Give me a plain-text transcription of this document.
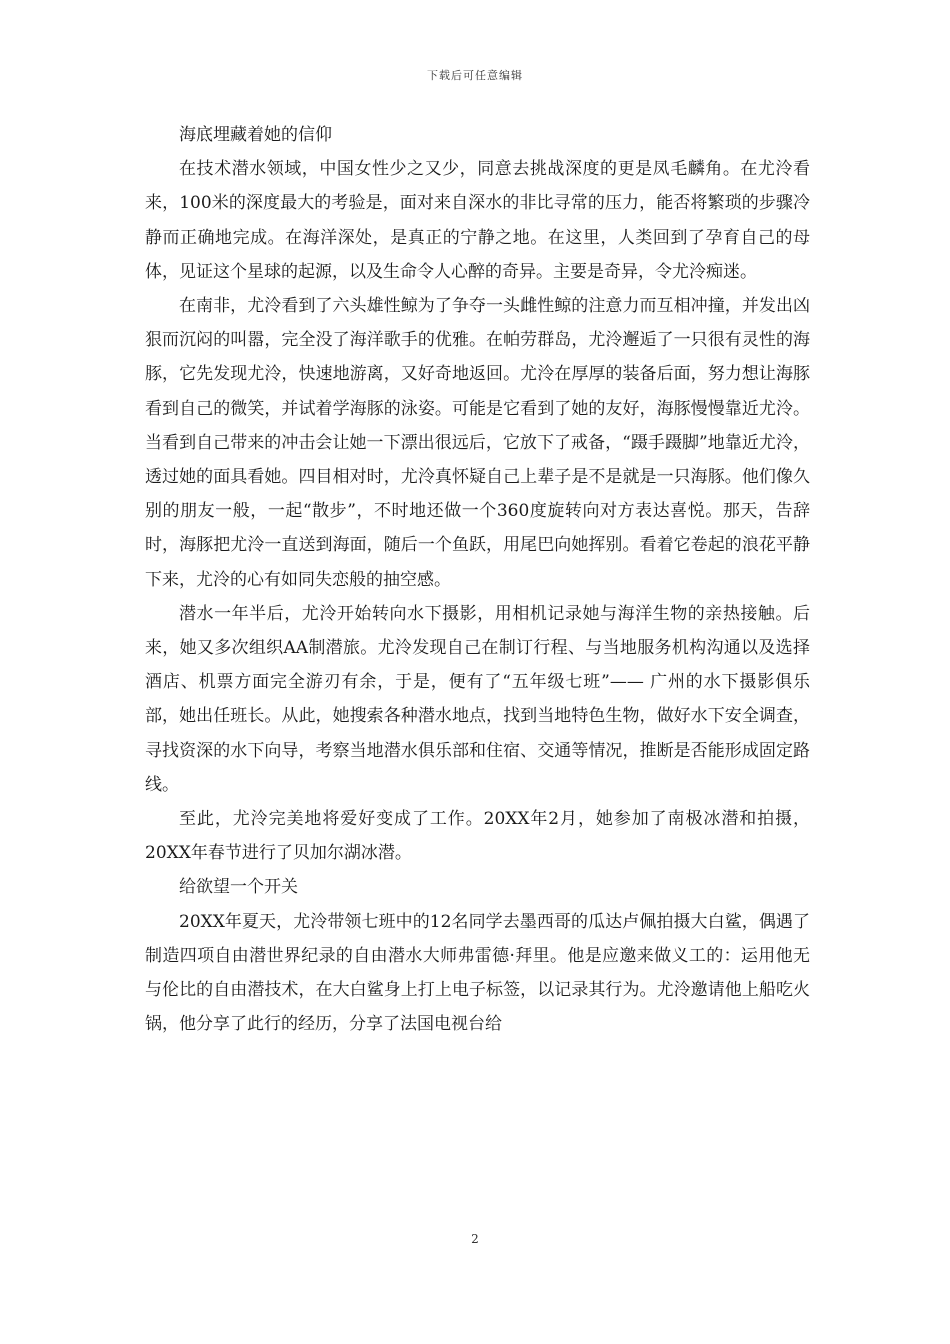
下载后可任意编辑

海底埋藏着她的信仰

在技术潜水领域，中国女性少之又少，同意去挑战深度的更是凤毛麟角。在尤泠看来，100米的深度最大的考验是，面对来自深水的非比寻常的压力，能否将繁琐的步骤冷静而正确地完成。在海洋深处，是真正的宁静之地。在这里，人类回到了孕育自己的母体，见证这个星球的起源，以及生命令人心醉的奇异。主要是奇异，令尤泠痴迷。

在南非，尤泠看到了六头雄性鲸为了争夺一头雌性鲸的注意力而互相冲撞，并发出凶狠而沉闷的叫嚣，完全没了海洋歌手的优雅。在帕劳群岛，尤泠邂逅了一只很有灵性的海豚，它先发现尤泠，快速地游离，又好奇地返回。尤泠在厚厚的装备后面，努力想让海豚看到自己的微笑，并试着学海豚的泳姿。可能是它看到了她的友好，海豚慢慢靠近尤泠。当看到自己带来的冲击会让她一下漂出很远后，它放下了戒备，“蹑手蹑脚”地靠近尤泠，透过她的面具看她。四目相对时，尤泠真怀疑自己上辈子是不是就是一只海豚。他们像久别的朋友一般，一起“散步”，不时地还做一个360度旋转向对方表达喜悦。那天，告辞时，海豚把尤泠一直送到海面，随后一个鱼跃，用尾巴向她挥别。看着它卷起的浪花平静下来，尤泠的心有如同失恋般的抽空感。

潜水一年半后，尤泠开始转向水下摄影，用相机记录她与海洋生物的亲热接触。后来，她又多次组织AA制潜旅。尤泠发现自己在制订行程、与当地服务机构沟通以及选择酒店、机票方面完全游刃有余，于是，便有了“五年级七班”—— 广州的水下摄影俱乐部，她出任班长。从此，她搜索各种潜水地点，找到当地特色生物，做好水下安全调查，寻找资深的水下向导，考察当地潜水俱乐部和住宿、交通等情况，推断是否能形成固定路线。

至此，尤泠完美地将爱好变成了工作。20XX年2月，她参加了南极冰潜和拍摄， 20XX年春节进行了贝加尔湖冰潜。

给欲望一个开关

20XX年夏天，尤泠带领七班中的12名同学去墨西哥的瓜达卢佩拍摄大白鲨，偶遇了制造四项自由潜世界纪录的自由潜水大师弗雷德·拜里。他是应邀来做义工的：运用他无与伦比的自由潜技术，在大白鲨身上打上电子标签，以记录其行为。尤泠邀请他上船吃火锅，他分享了此行的经历，分享了法国电视台给

2
